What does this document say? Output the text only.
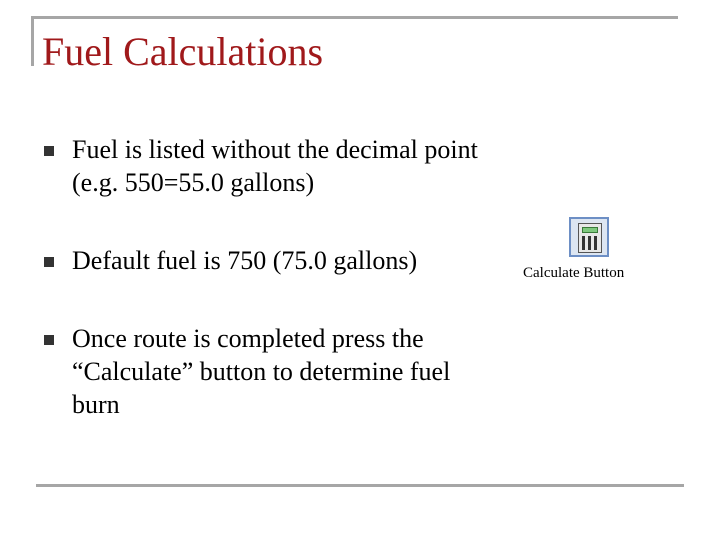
Fuel Calculations
Fuel is listed without the decimal point (e.g. 550=55.0 gallons)
Default fuel is 750 (75.0 gallons)
Once route is completed press the “Calculate” button to determine fuel burn
Calculate Button
